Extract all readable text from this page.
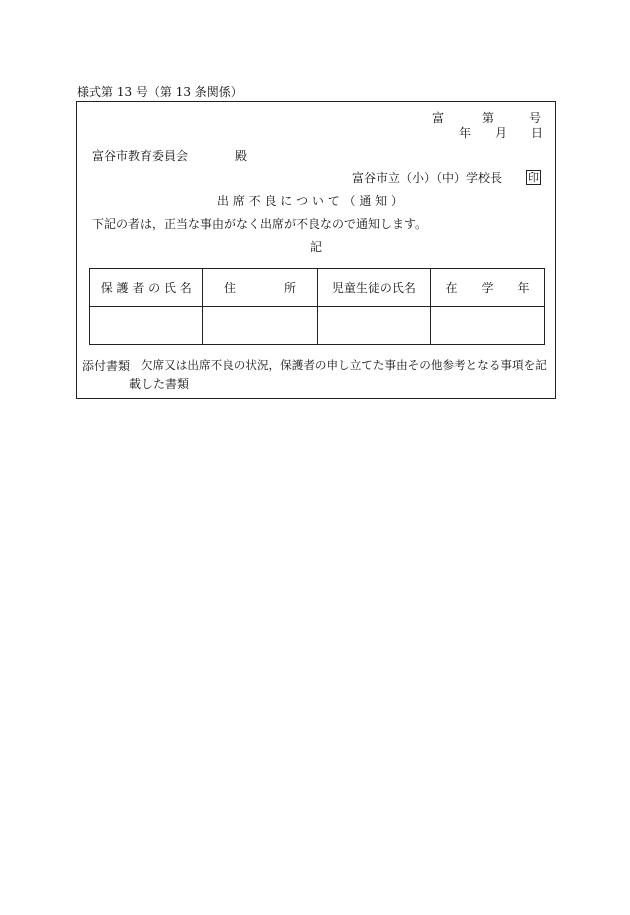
様式第 13 号（第 13 条関係）
富	第	号
年 月 日
富谷市教育委員会	殿
富谷市立（小）（中）学校長 印
出 席 不 良 に つ い て （ 通 知 ）
下記の者は，正当な事由がなく出席が不良なので通知します。
記
保 護 者 の 氏 名	住　　　　所	児童生徒の氏名	在　　学　　年

添付書類 欠席又は出席不良の状況，保護者の申し立てた事由その他参考となる事項を記
載した書類
